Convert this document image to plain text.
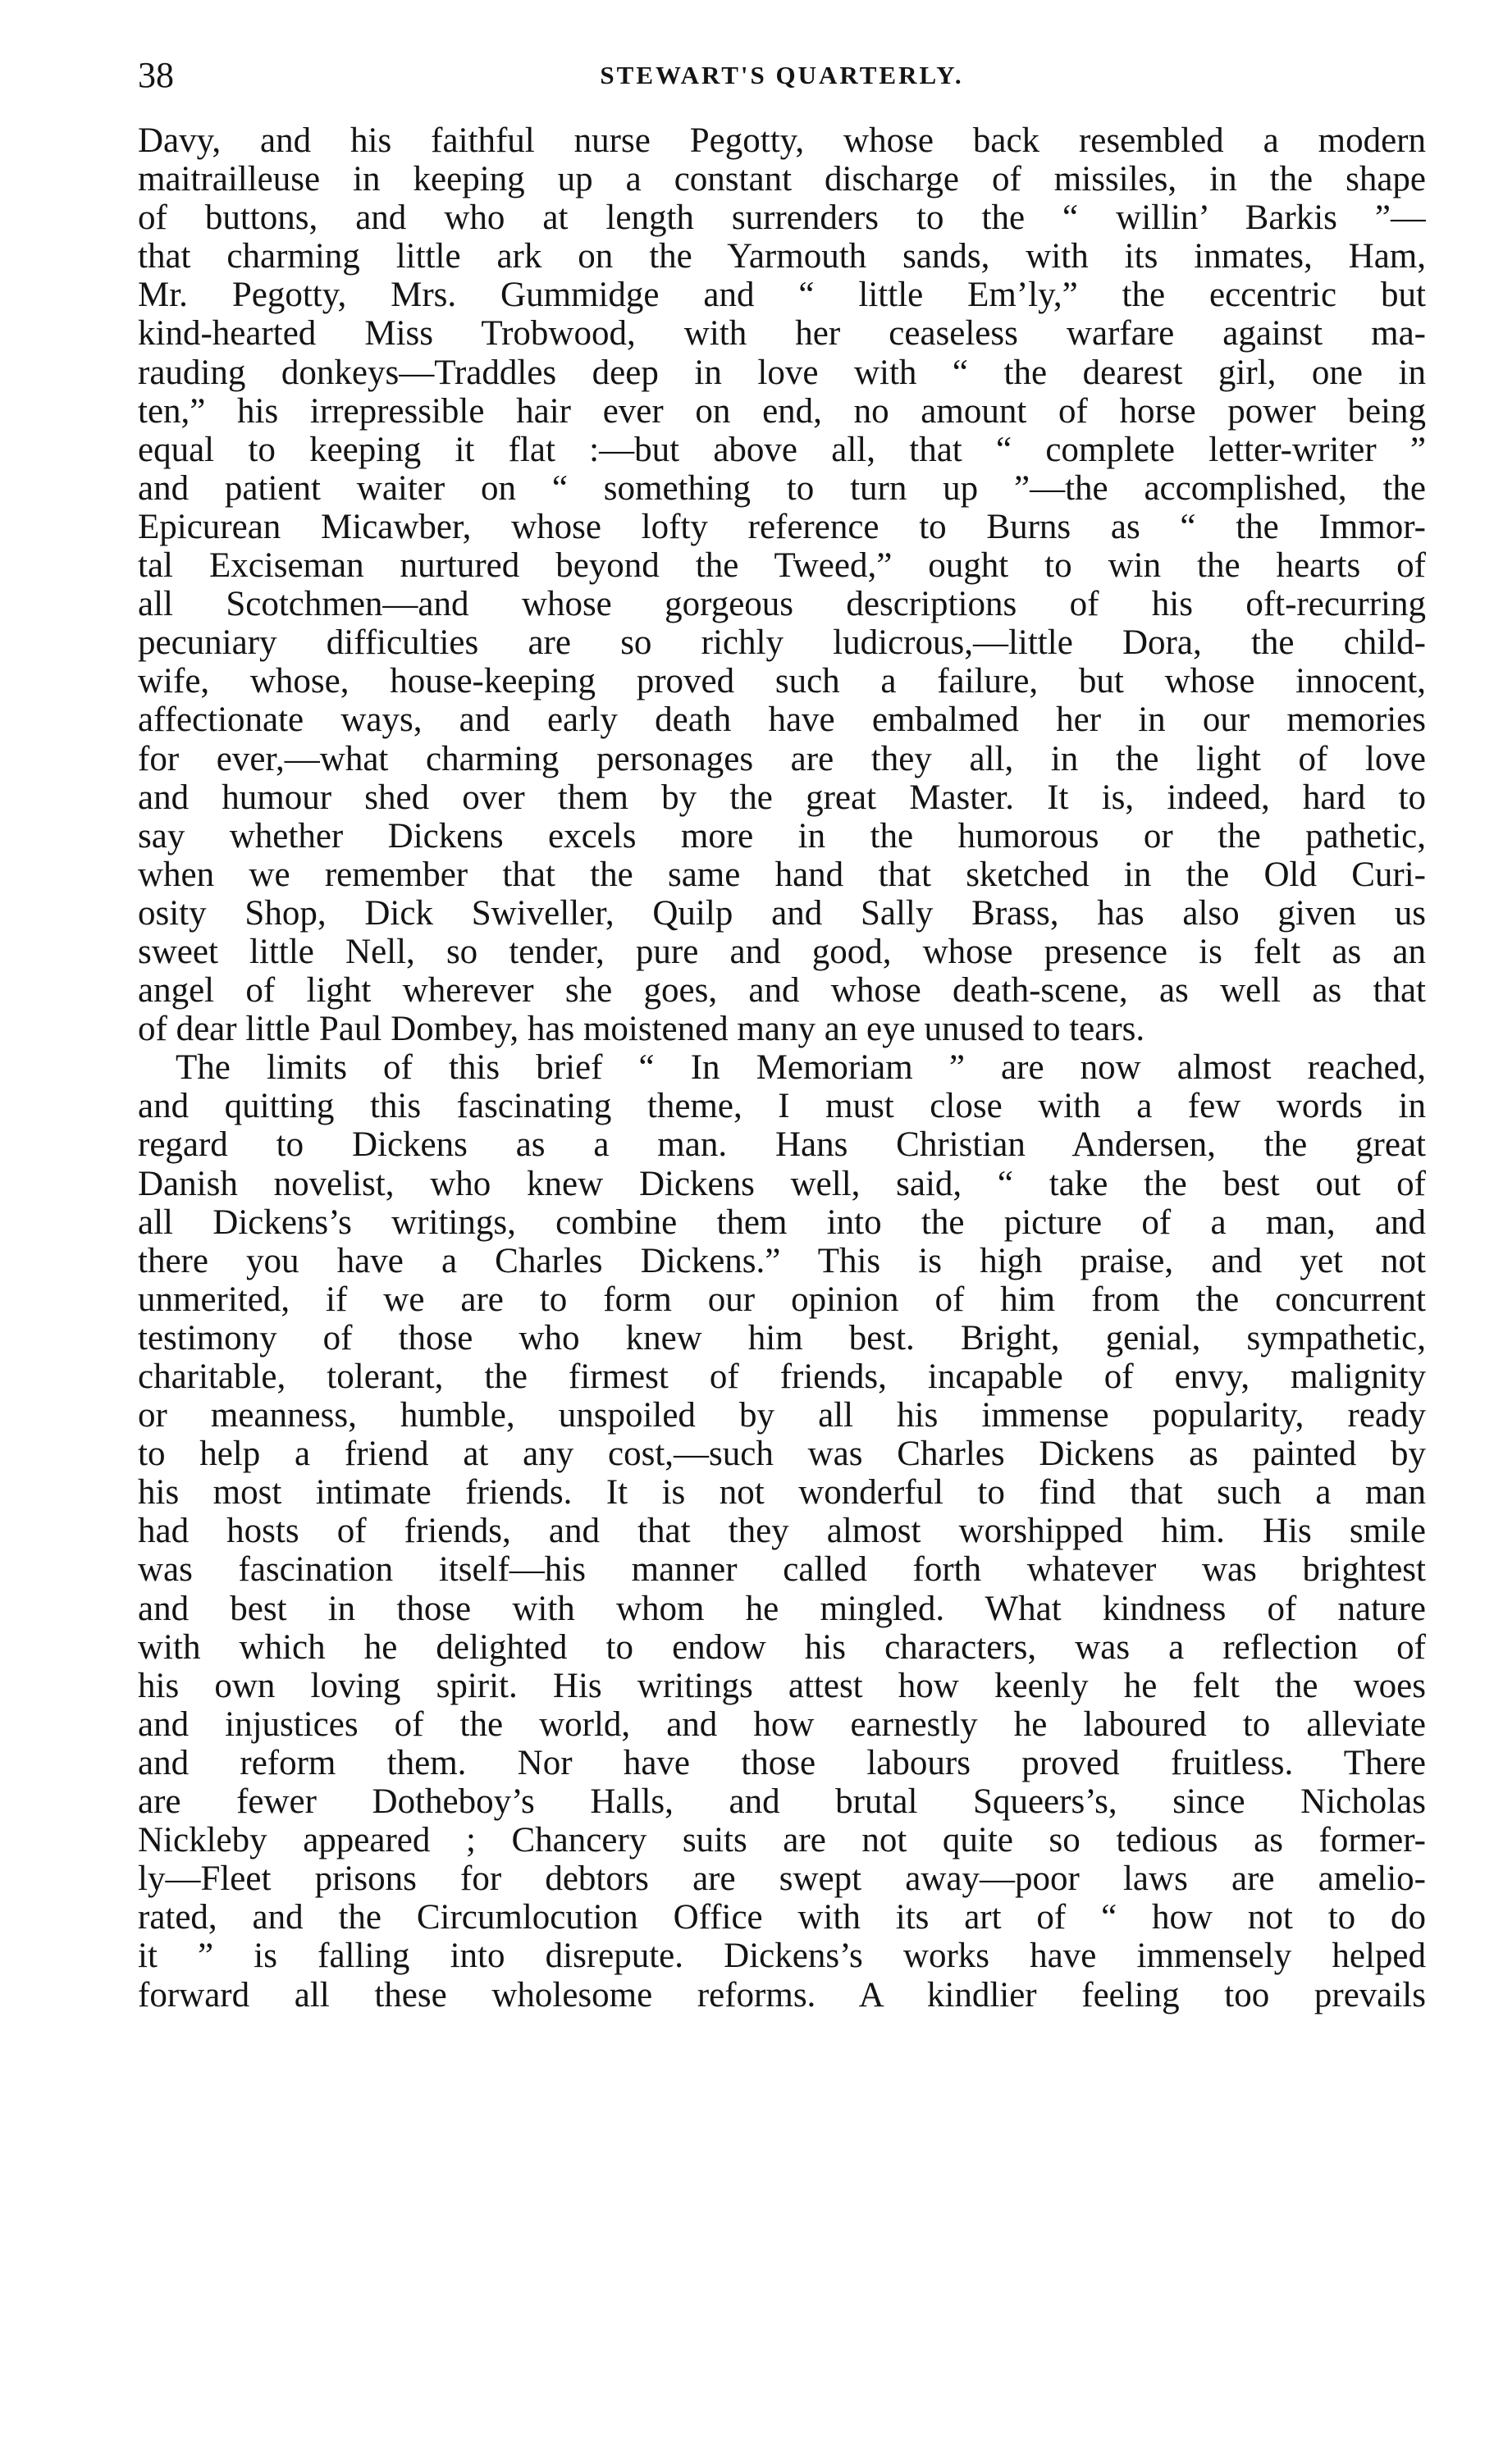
38	STEWART'S QUARTERLY.
Davy, and his faithful nurse Pegotty, whose back resembled a modern
maitrailleuse in keeping up a constant discharge of missiles, in the shape
of buttons, and who at length surrenders to the “ willin’ Barkis ”—
that charming little ark on the Yarmouth sands, with its inmates, Ham,
Mr. Pegotty, Mrs. Gummidge and “ little Em’ly,” the eccentric but
kind-hearted Miss Trobwood, with her ceaseless warfare against ma-
rauding donkeys—Traddles deep in love with “ the dearest girl, one in
ten,” his irrepressible hair ever on end, no amount of horse power being
equal to keeping it flat :—but above all, that “ complete letter-writer ”
and patient waiter on “ something to turn up ”—the accomplished, the
Epicurean Micawber, whose lofty reference to Burns as “ the Immor-
tal Exciseman nurtured beyond the Tweed,” ought to win the hearts of
all Scotchmen—and whose gorgeous descriptions of his oft-recurring
pecuniary difficulties are so richly ludicrous,—little Dora, the child-
wife, whose, house-keeping proved such a failure, but whose innocent,
affectionate ways, and early death have embalmed her in our memories
for ever,—what charming personages are they all, in the light of love
and humour shed over them by the great Master. It is, indeed, hard to
say whether Dickens excels more in the humorous or the pathetic,
when we remember that the same hand that sketched in the Old Curi-
osity Shop, Dick Swiveller, Quilp and Sally Brass, has also given us
sweet little Nell, so tender, pure and good, whose presence is felt as an
angel of light wherever she goes, and whose death-scene, as well as that
of dear little Paul Dombey, has moistened many an eye unused to tears.
The limits of this brief “ In Memoriam ” are now almost reached,
and quitting this fascinating theme, I must close with a few words in
regard to Dickens as a man. Hans Christian Andersen, the great
Danish novelist, who knew Dickens well, said, “ take the best out of
all Dickens’s writings, combine them into the picture of a man, and
there you have a Charles Dickens.” This is high praise, and yet not
unmerited, if we are to form our opinion of him from the concurrent
testimony of those who knew him best. Bright, genial, sympathetic,
charitable, tolerant, the firmest of friends, incapable of envy, malignity
or meanness, humble, unspoiled by all his immense popularity, ready
to help a friend at any cost,—such was Charles Dickens as painted by
his most intimate friends. It is not wonderful to find that such a man
had hosts of friends, and that they almost worshipped him. His smile
was fascination itself—his manner called forth whatever was brightest
and best in those with whom he mingled. What kindness of nature
with which he delighted to endow his characters, was a reflection of
his own loving spirit. His writings attest how keenly he felt the woes
and injustices of the world, and how earnestly he laboured to alleviate
and reform them. Nor have those labours proved fruitless. There
are fewer Dotheboy’s Halls, and brutal Squeers’s, since Nicholas
Nickleby appeared ; Chancery suits are not quite so tedious as former-
ly—Fleet prisons for debtors are swept away—poor laws are amelio-
rated, and the Circumlocution Office with its art of “ how not to do
it ” is falling into disrepute. Dickens’s works have immensely helped
forward all these wholesome reforms. A kindlier feeling too prevails
